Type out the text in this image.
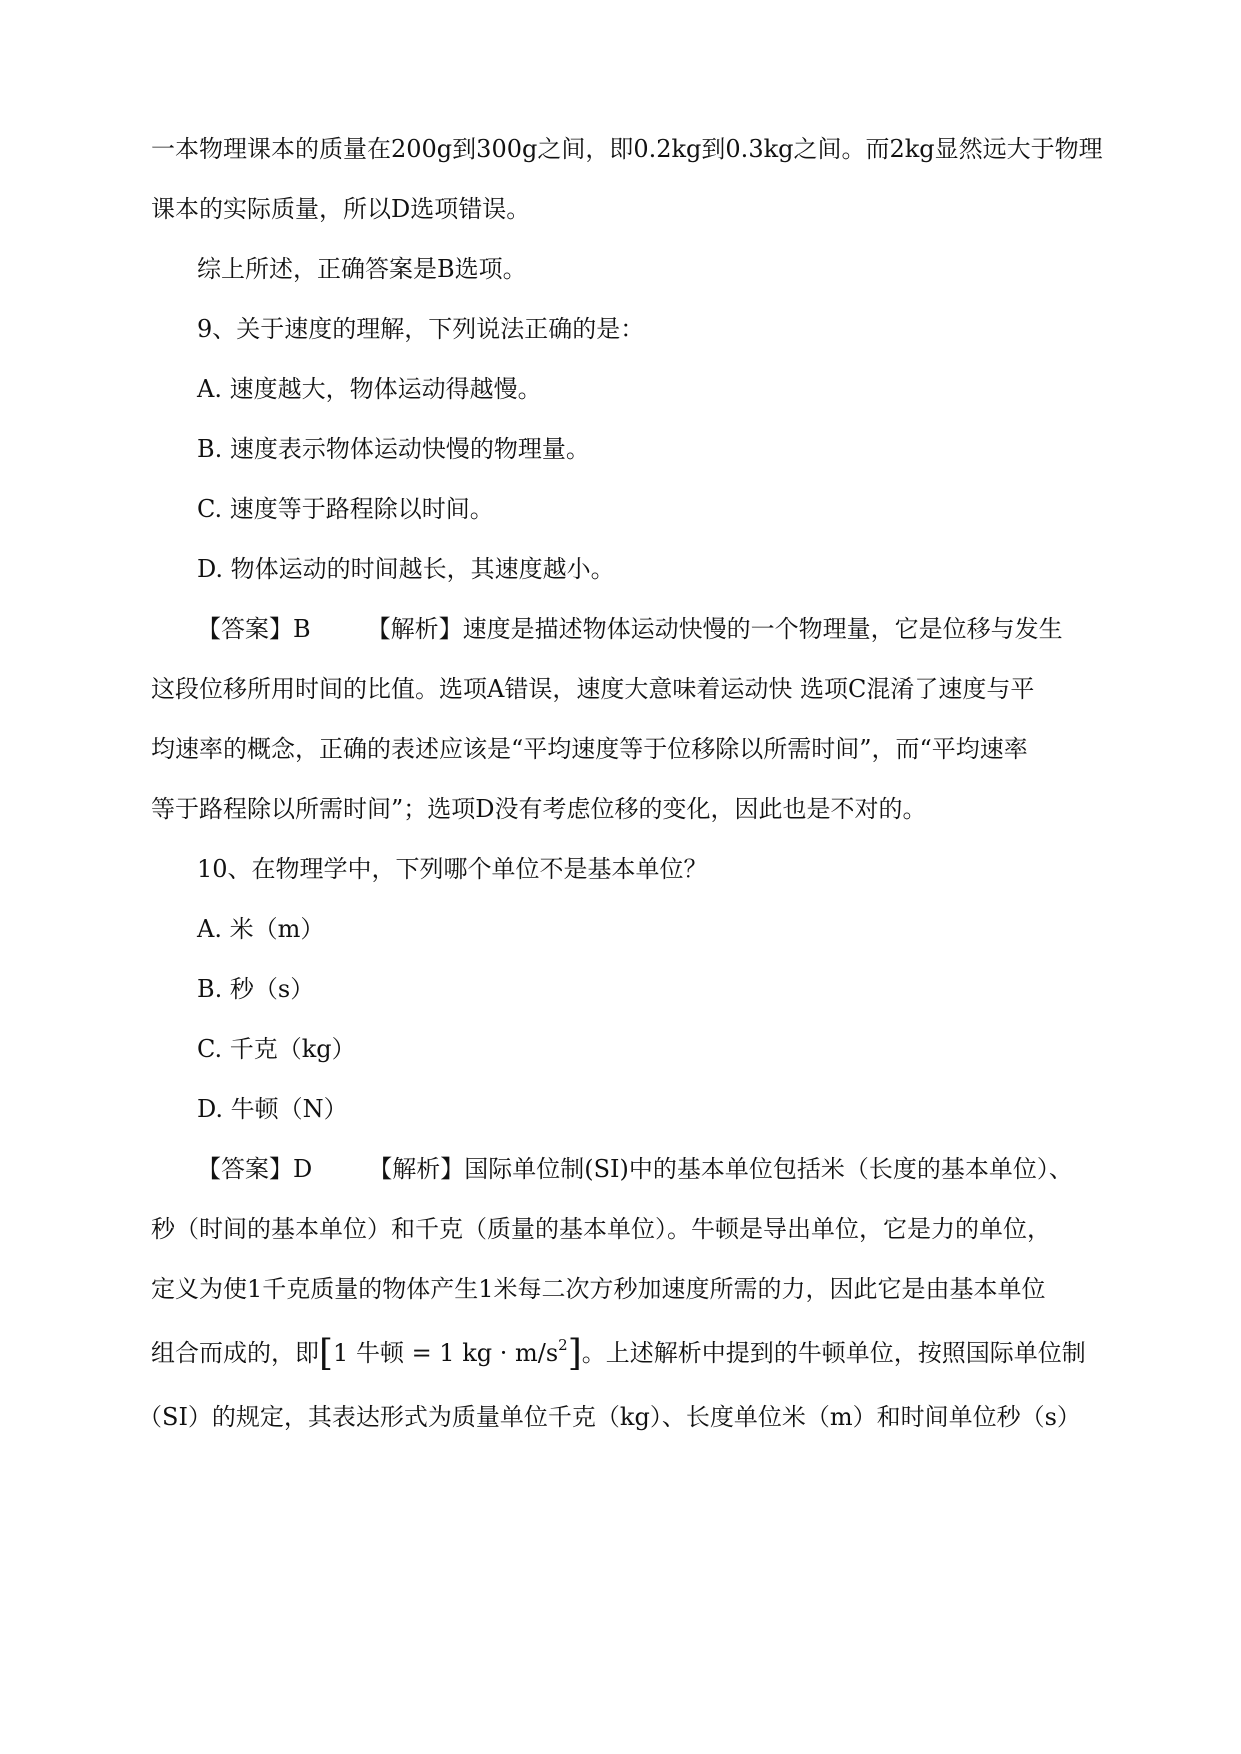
一本物理课本的质量在200g到300g之间，即0.2kg到0.3kg之间。而2kg显然远大于物理
课本的实际质量，所以D选项错误。
综上所述，正确答案是B选项。
9、关于速度的理解，下列说法正确的是：
A. 速度越大，物体运动得越慢。
B. 速度表示物体运动快慢的物理量。
C. 速度等于路程除以时间。
D. 物体运动的时间越长，其速度越小。
【答案】B 【解析】速度是描述物体运动快慢的一个物理量，它是位移与发生
这段位移所用时间的比值。选项A错误，速度大意味着运动快 选项C混淆了速度与平
均速率的概念，正确的表述应该是“平均速度等于位移除以所需时间”，而“平均速率
等于路程除以所需时间”；选项D没有考虑位移的变化，因此也是不对的。
10、在物理学中，下列哪个单位不是基本单位？
A. 米（m）
B. 秒（s）
C. 千克（kg）
D. 牛顿（N）
【答案】D 【解析】国际单位制(SI)中的基本单位包括米（长度的基本单位）、
秒（时间的基本单位）和千克（质量的基本单位）。牛顿是导出单位，它是力的单位，
定义为使1千克质量的物体产生1米每二次方秒加速度所需的力，因此它是由基本单位
组合而成的，即[1 牛顿 = 1 kg · $m/s^2$]。上述解析中提到的牛顿单位，按照国际单位制
（SI）的规定，其表达形式为质量单位千克（kg）、长度单位米（m）和时间单位秒（s）
